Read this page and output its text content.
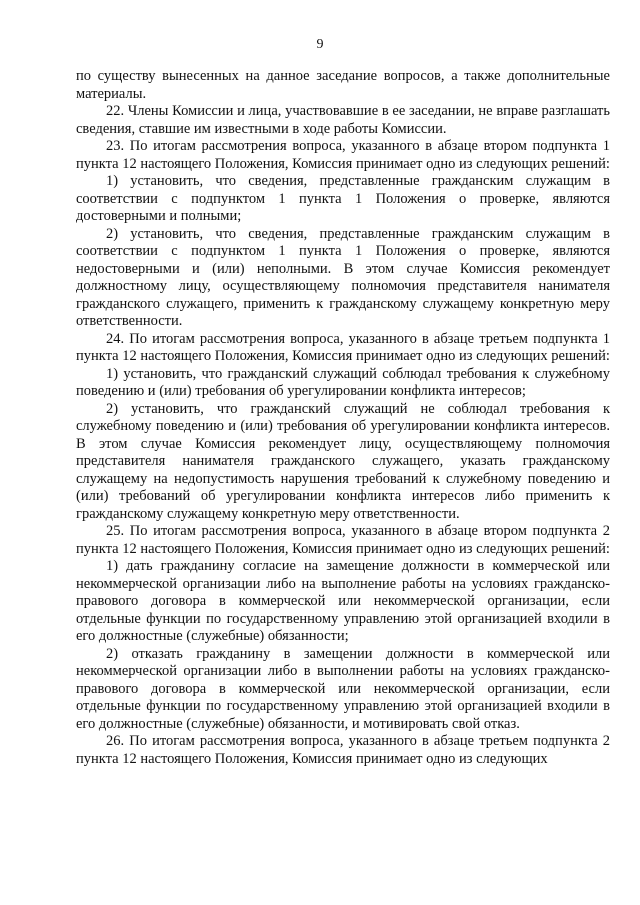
9

по существу вынесенных на данное заседание вопросов, а также дополнительные материалы.

22. Члены Комиссии и лица, участвовавшие в ее заседании, не вправе разглашать сведения, ставшие им известными в ходе работы Комиссии.

23. По итогам рассмотрения вопроса, указанного в абзаце втором подпункта 1 пункта 12 настоящего Положения, Комиссия принимает одно из следующих решений:

1) установить, что сведения, представленные гражданским служащим в соответствии с подпунктом 1 пункта 1 Положения о проверке, являются достоверными и полными;

2) установить, что сведения, представленные гражданским служащим в соответствии с подпунктом 1 пункта 1 Положения о проверке, являются недостоверными и (или) неполными. В этом случае Комиссия рекомендует должностному лицу, осуществляющему полномочия представителя нанимателя гражданского служащего, применить к гражданскому служащему конкретную меру ответственности.

24. По итогам рассмотрения вопроса, указанного в абзаце третьем подпункта 1 пункта 12 настоящего Положения, Комиссия принимает одно из следующих решений:

1) установить, что гражданский служащий соблюдал требования к служебному поведению и (или) требования об урегулировании конфликта интересов;

2) установить, что гражданский служащий не соблюдал требования к служебному поведению и (или) требования об урегулировании конфликта интересов. В этом случае Комиссия рекомендует лицу, осуществляющему полномочия представителя нанимателя гражданского служащего, указать гражданскому служащему на недопустимость нарушения требований к служебному поведению и (или) требований об урегулировании конфликта интересов либо применить к гражданскому служащему конкретную меру ответственности.

25. По итогам рассмотрения вопроса, указанного в абзаце втором подпункта 2 пункта 12 настоящего Положения, Комиссия принимает одно из следующих решений:

1) дать гражданину согласие на замещение должности в коммерческой или некоммерческой организации либо на выполнение работы на условиях гражданско-правового договора в коммерческой или некоммерческой организации, если отдельные функции по государственному управлению этой организацией входили в его должностные (служебные) обязанности;

2) отказать гражданину в замещении должности в коммерческой или некоммерческой организации либо в выполнении работы на условиях гражданско-правового договора в коммерческой или некоммерческой организации, если отдельные функции по государственному управлению этой организацией входили в его должностные (служебные) обязанности, и мотивировать свой отказ.

26. По итогам рассмотрения вопроса, указанного в абзаце третьем подпункта 2 пункта 12 настоящего Положения, Комиссия принимает одно из следующих
